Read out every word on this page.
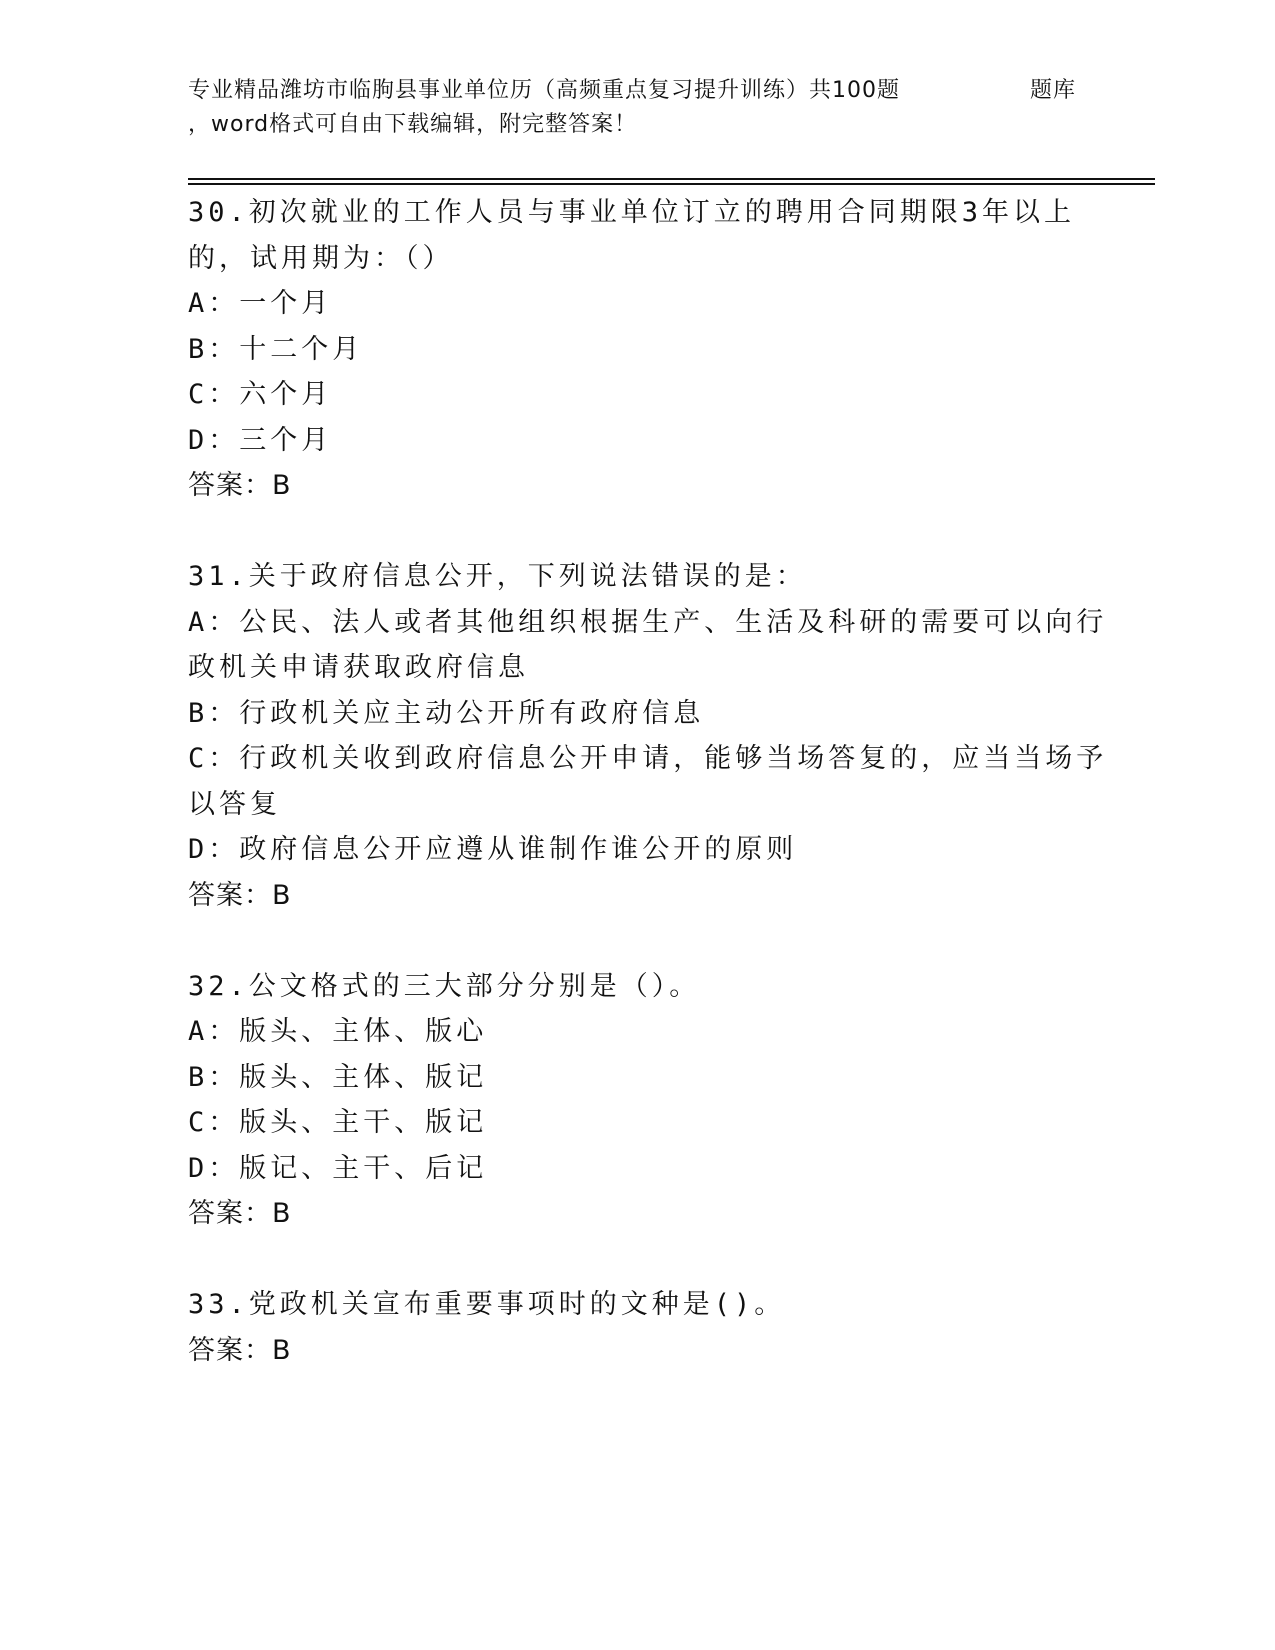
专业精品潍坊市临朐县事业单位历（高频重点复习提升训练）共100题	题库
，word格式可自由下载编辑，附完整答案！
30.初次就业的工作人员与事业单位订立的聘用合同期限3年以上的，试用期为：（）
A：一个月
B：十二个月
C：六个月
D：三个月
答案：B
31.关于政府信息公开，下列说法错误的是：
A：公民、法人或者其他组织根据生产、生活及科研的需要可以向行政机关申请获取政府信息
B：行政机关应主动公开所有政府信息
C：行政机关收到政府信息公开申请，能够当场答复的，应当当场予以答复
D：政府信息公开应遵从谁制作谁公开的原则
答案：B
32.公文格式的三大部分分别是（）。
A：版头、主体、版心
B：版头、主体、版记
C：版头、主干、版记
D：版记、主干、后记
答案：B
33.党政机关宣布重要事项时的文种是()。
答案：B
